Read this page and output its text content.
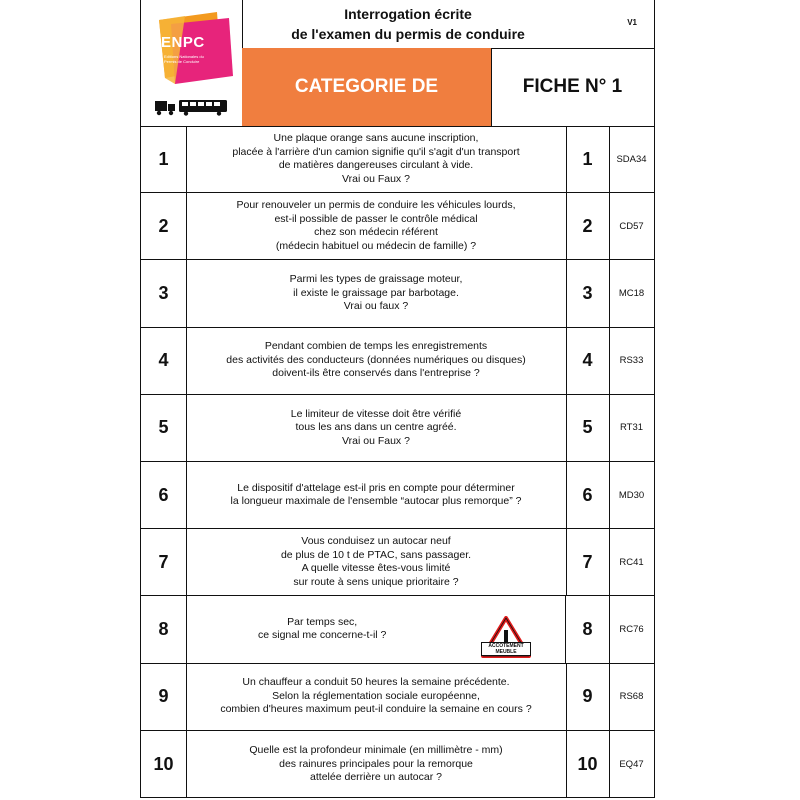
ENPC
Editions Nationales du Permis de Conduire
Interrogation écrite
de l'examen du permis de conduire
V1
CATEGORIE DE	FICHE N° 1
1
Une plaque orange sans aucune inscription,
placée à l'arrière d'un camion signifie qu'il s'agit d'un transport
de matières dangereuses circulant à vide.
Vrai ou Faux ?
1	SDA34
2
Pour renouveler un permis de conduire les véhicules lourds,
est-il possible de passer le contrôle médical
chez son médecin référent
(médecin habituel ou médecin de famille) ?
2	CD57
3
Parmi les types de graissage moteur,
il existe le graissage par barbotage.
Vrai ou faux ?
3	MC18
4
Pendant combien de temps les enregistrements
des activités des conducteurs (données numériques ou disques)
doivent-ils être conservés dans l'entreprise ?
4	RS33
5
Le limiteur de vitesse doit être vérifié
tous les ans dans un centre agréé.
Vrai ou Faux ?
5	RT31
6	Le dispositif d'attelage est-il pris en compte pour déterminer
la longueur maximale de l'ensemble “autocar plus remorque” ?	6	MD30
7
Vous conduisez un autocar neuf
de plus de 10 t de PTAC, sans passager.
A quelle vitesse êtes-vous limité
sur route à sens unique prioritaire ?
7	RC41
8	Par temps sec,
ce signal me concerne-t-il ?

ACCOTEMENT MEUBLE

8	RC76
9
Un chauffeur a conduit 50 heures la semaine précédente.
Selon la réglementation sociale européenne,
combien d'heures maximum peut-il conduire la semaine en cours ?
9	RS68
10
Quelle est la profondeur minimale (en millimètre - mm)
des rainures principales pour la remorque
attelée derrière un autocar ?
10	EQ47
